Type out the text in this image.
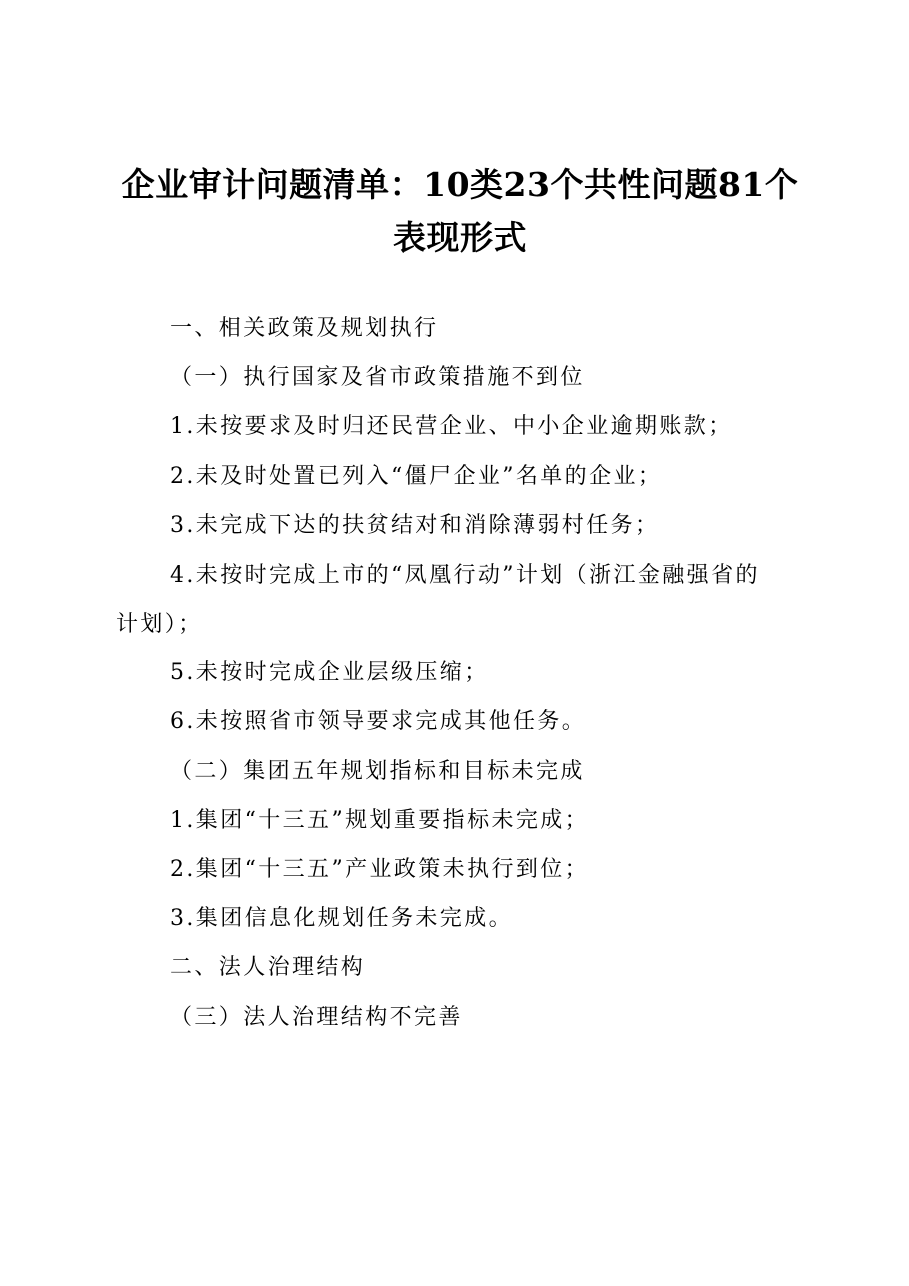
企业审计问题清单：10类23个共性问题81个
表现形式
一、相关政策及规划执行
（一）执行国家及省市政策措施不到位
1.未按要求及时归还民营企业、中小企业逾期账款；
2.未及时处置已列入“僵尸企业”名单的企业；
3.未完成下达的扶贫结对和消除薄弱村任务；
4.未按时完成上市的“凤凰行动”计划（浙江金融强省的
计划）；
5.未按时完成企业层级压缩；
6.未按照省市领导要求完成其他任务。
（二）集团五年规划指标和目标未完成
1.集团“十三五”规划重要指标未完成；
2.集团“十三五”产业政策未执行到位；
3.集团信息化规划任务未完成。
二、法人治理结构
（三）法人治理结构不完善
